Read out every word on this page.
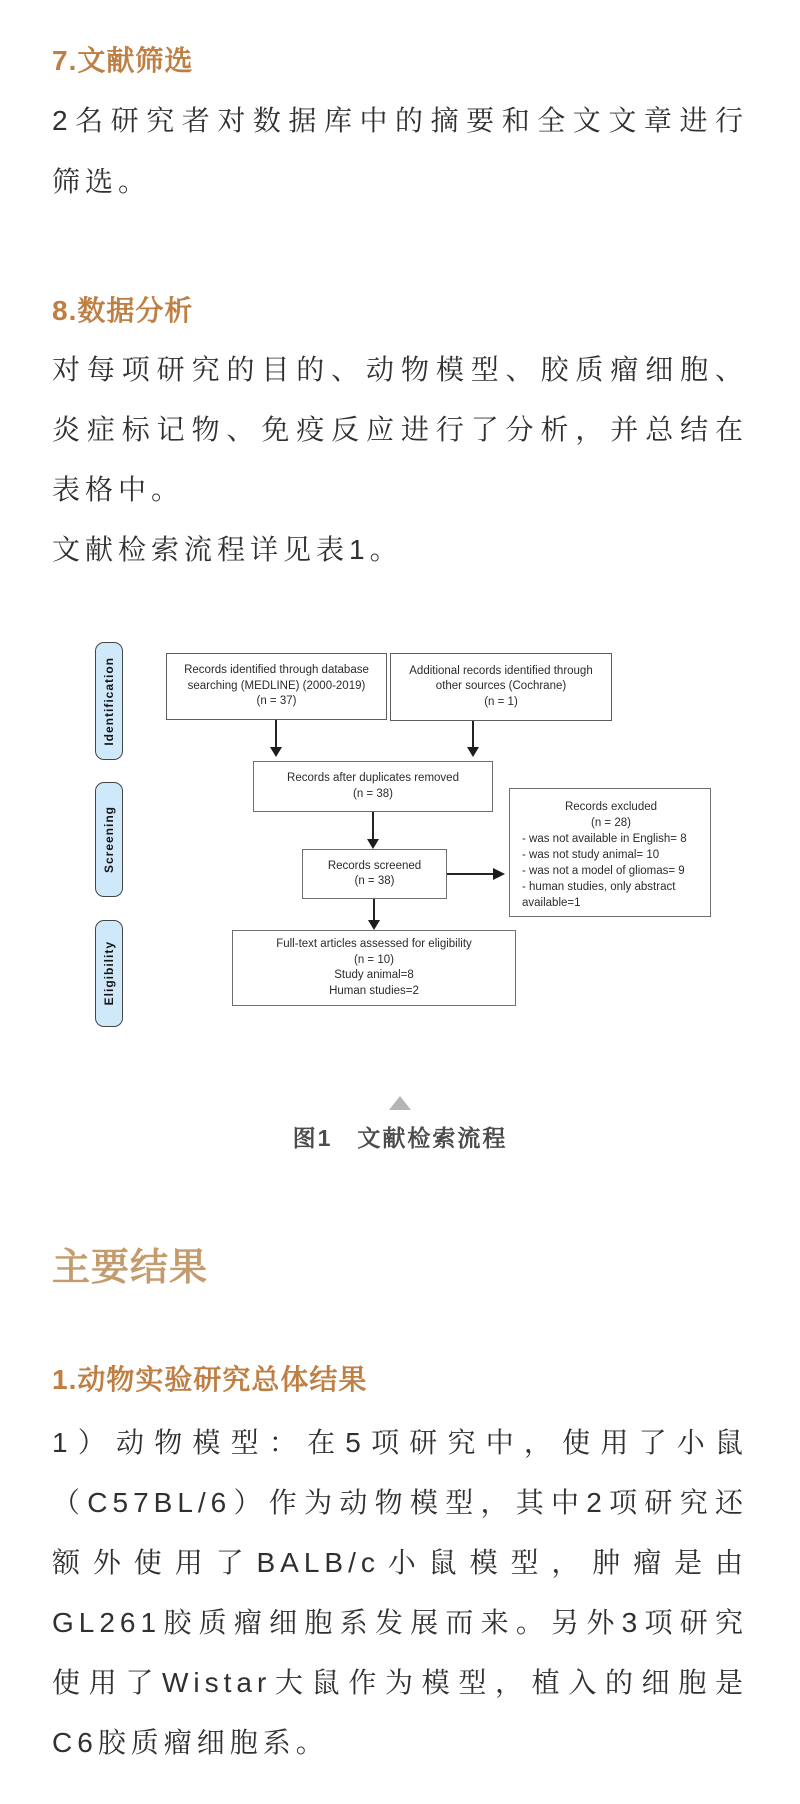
7.文献筛选
2名研究者对数据库中的摘要和全文文章进行
筛选。
8.数据分析
对每项研究的目的、动物模型、胶质瘤细胞、
炎症标记物、免疫反应进行了分析，并总结在
表格中。
文献检索流程详见表1。
Identification
Screening
Eligibility
Records identified through database
searching (MEDLINE) (2000-2019)
(n = 37)
Additional records identified through
other sources (Cochrane)
(n = 1)
Records after duplicates removed
(n = 38)
Records screened
(n = 38)
Records excluded
(n = 28)
- was not available in English= 8
- was not study animal= 10
- was not a model of gliomas= 9
- human studies, only abstract
available=1
Full-text articles assessed for eligibility
(n = 10)
Study animal=8
Human studies=2
图1　文献检索流程
主要结果
1.动物实验研究总体结果
1）动物模型：在5项研究中，使用了小鼠
（C57BL/6）作为动物模型，其中2项研究还
额外使用了BALB/c小鼠模型，肿瘤是由
GL261胶质瘤细胞系发展而来。另外3项研究
使用了Wistar大鼠作为模型，植入的细胞是
C6胶质瘤细胞系。
